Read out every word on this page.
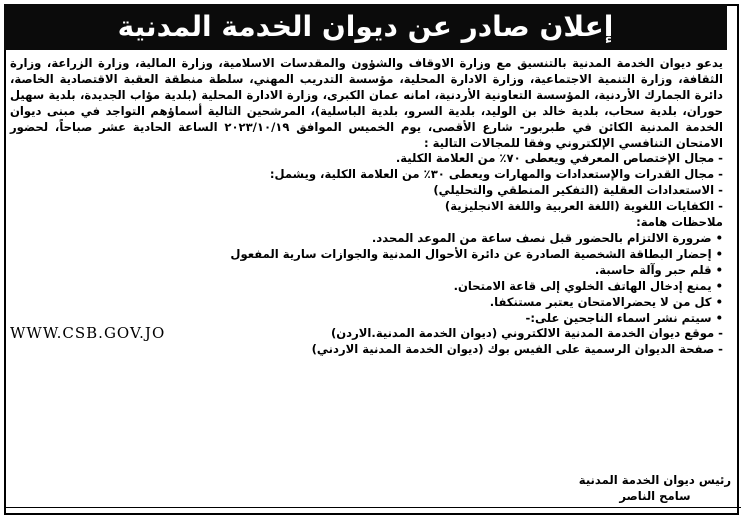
إعلان صادر عن ديوان الخدمة المدنية
يدعو ديوان الخدمة المدنية بالتنسيق مع وزارة الاوقاف والشؤون والمقدسات الاسلامية، وزارة المالية، وزارة الزراعة، وزارة الثقافة، وزارة التنمية الاجتماعية، وزارة الادارة المحلية، مؤسسة التدريب المهني، سلطة منطقة العقبة الاقتصادية الخاصة، دائرة الجمارك الأردنية، المؤسسة التعاونية الأردنية، امانه عمان الكبرى، وزارة الادارة المحلية (بلدية مؤاب الجديدة، بلدية سهيل حوران، بلدية سحاب، بلدية خالد بن الوليد، بلدية السرو، بلدية الباسلية)، المرشحين التالية أسماؤهم التواجد في مبنى ديوان الخدمة المدنية الكائن في طبربور- شارع الأقصى، يوم الخميس الموافق ٢٠٢٣/١٠/١٩ الساعة الحادية عشر صباحاً، لحضور الامتحان التنافسي الإلكتروني وفقا للمجالات التالية :
- مجال الإختصاص المعرفي ويعطى ٧٠٪ من العلامة الكلية.
- مجال القدرات والإستعدادات والمهارات ويعطى ٣٠٪ من العلامة الكلية، ويشمل:
- الاستعدادات العقلية (التفكير المنطقي والتحليلي)
- الكفايات اللغوية (اللغة العربية واللغة الانجليزية)
ملاحظات هامة:
• ضرورة الالتزام بالحضور قبل نصف ساعة من الموعد المحدد.
• إحضار البطاقة الشخصية الصادرة عن دائرة الأحوال المدنية والجوازات سارية المفعول
• قلم حبر وآلة حاسبة.
• يمنع إدخال الهاتف الخلوي إلى قاعة الامتحان.
• كل من لا يحضرالامتحان يعتبر مستنكفا.
• سيتم نشر اسماء الناجحين على:-
- موقع ديوان الخدمة المدنية الالكتروني (ديوان الخدمة المدنية.الاردن)
WWW.CSB.GOV.JO
- صفحة الديوان الرسمية على الفيس بوك (ديوان الخدمة المدنية الاردني)
رئيس ديوان الخدمة المدنية
سامح الناصر
